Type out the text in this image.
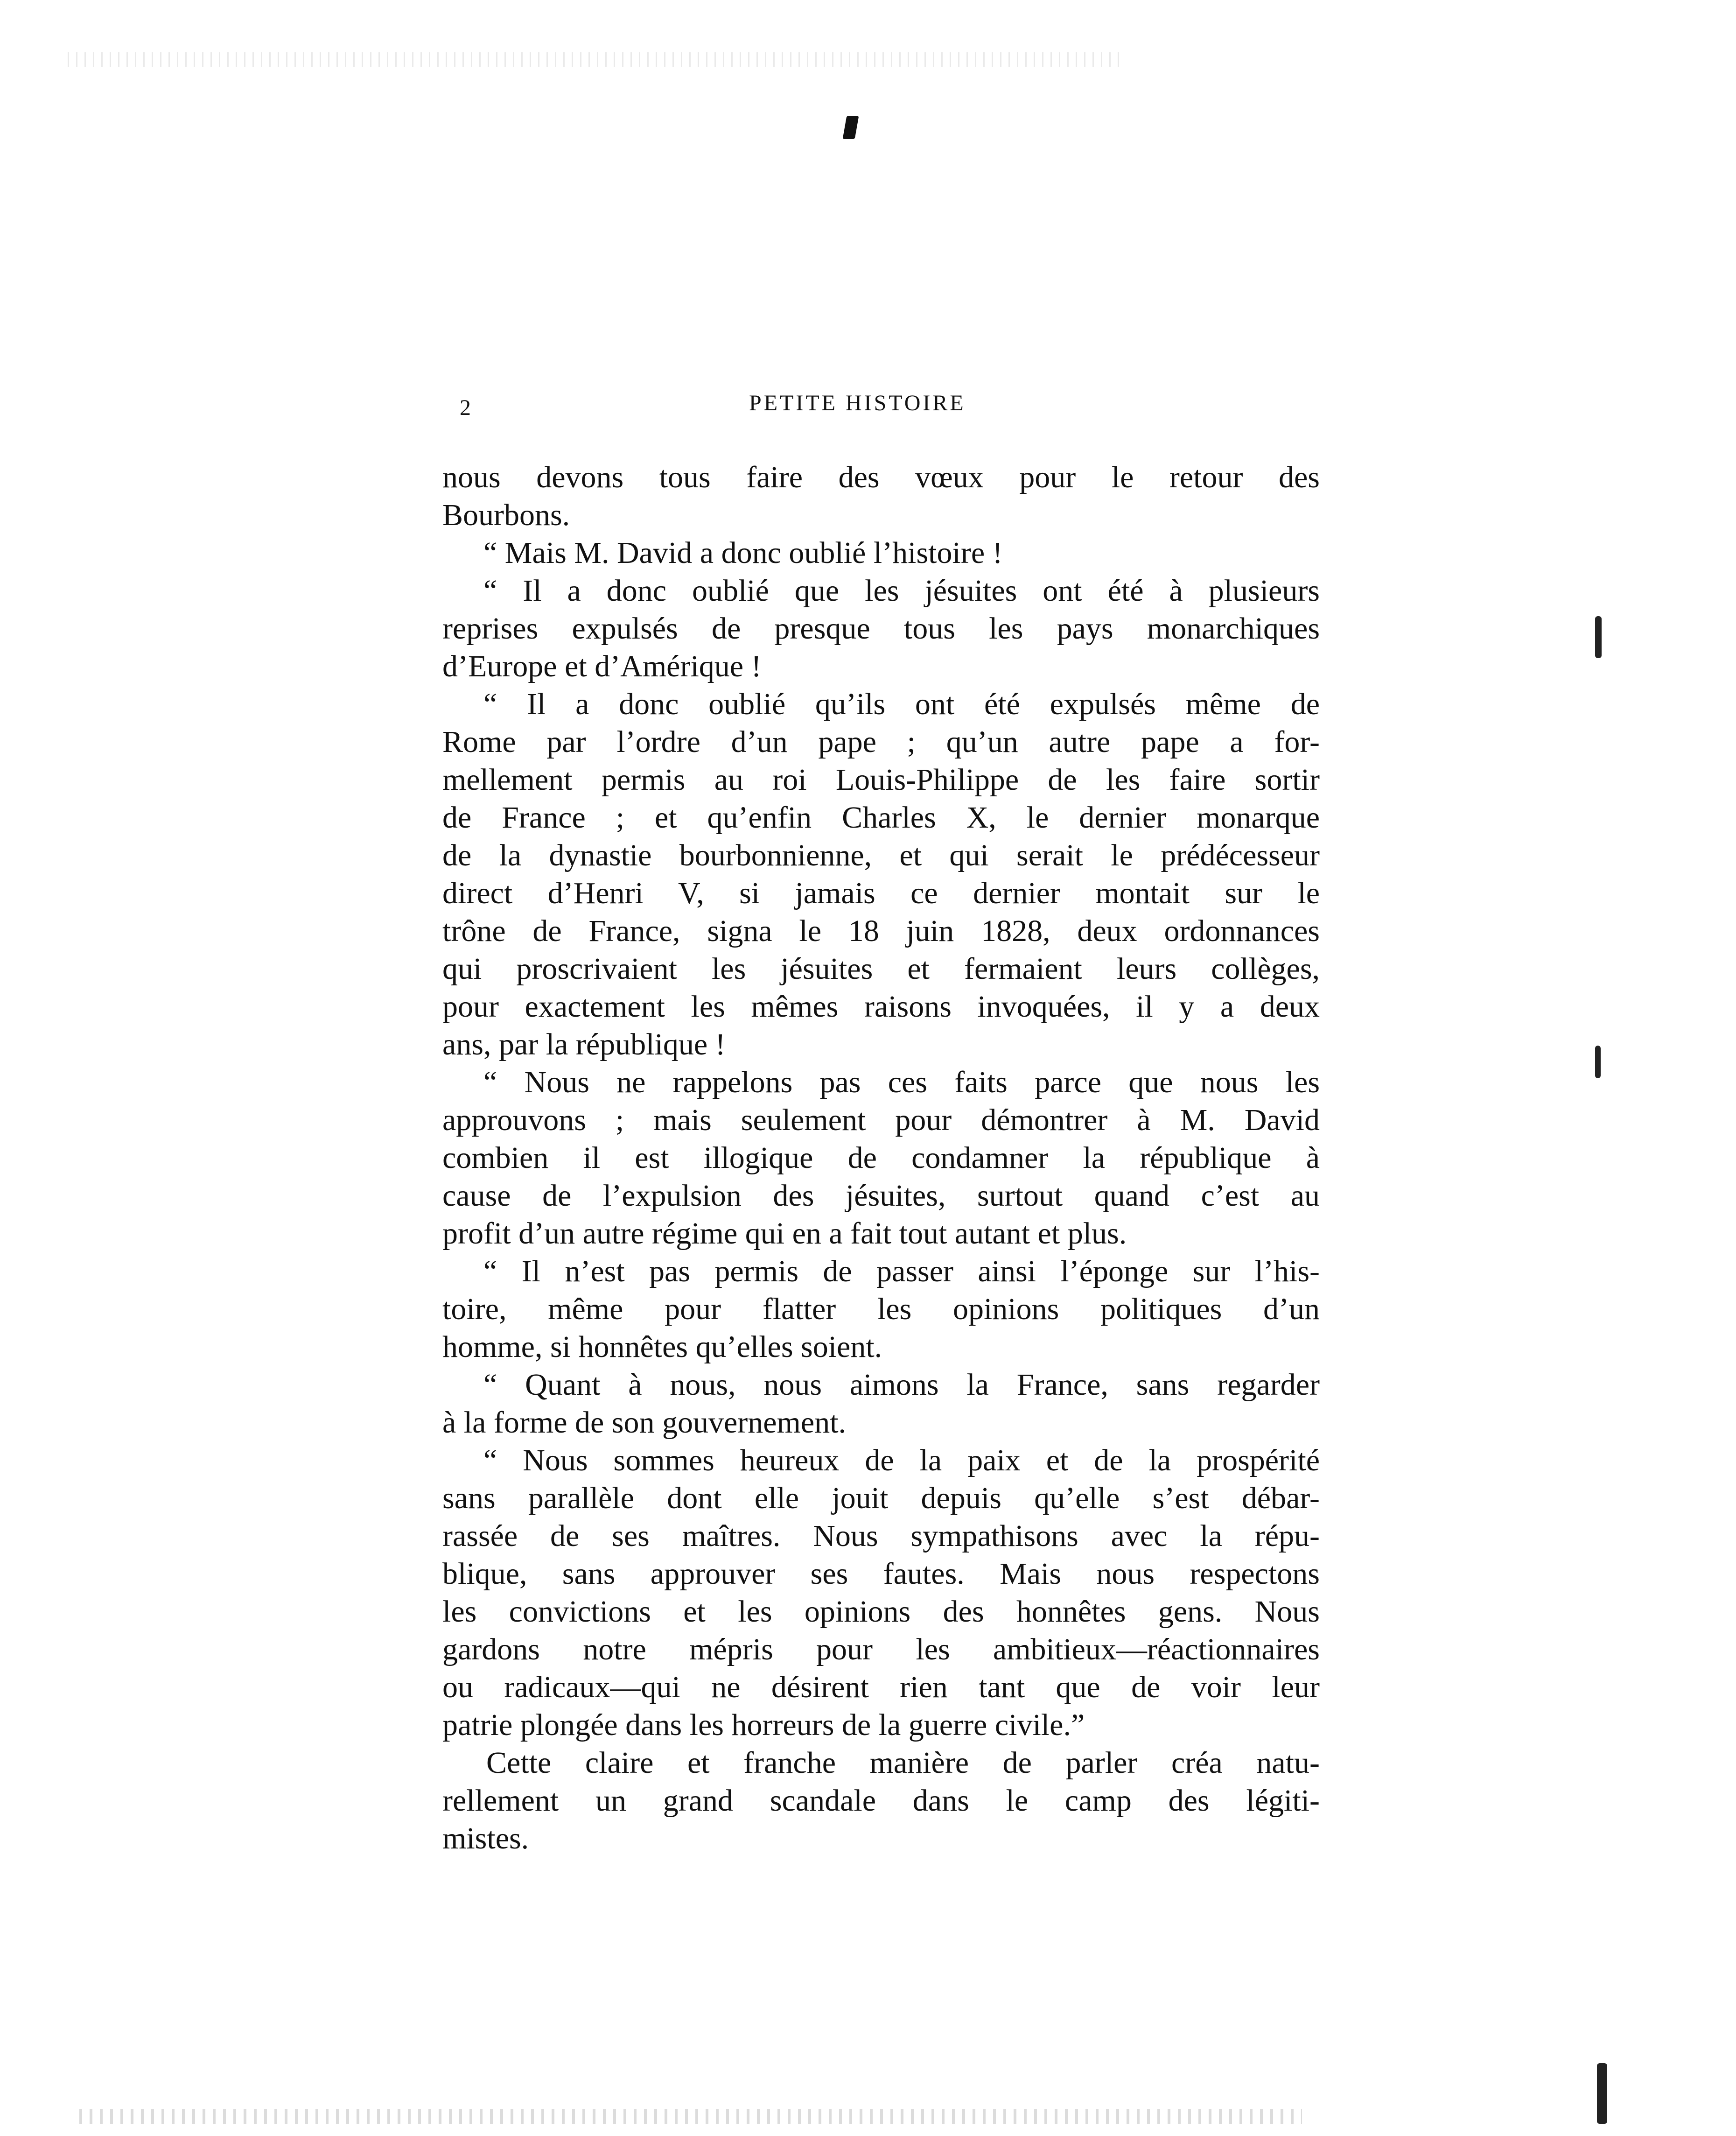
2	PETITE HISTOIRE
nous devons tous faire des vœux pour le retour des
Bourbons.
“ Mais M. David a donc oublié l’histoire !
“ Il a donc oublié que les jésuites ont été à plusieurs
reprises expulsés de presque tous les pays monarchiques
d’Europe et d’Amérique !
“ Il a donc oublié qu’ils ont été expulsés même de
Rome par l’ordre d’un pape ; qu’un autre pape a for-
mellement permis au roi Louis-Philippe de les faire sortir
de France ; et qu’enfin Charles X, le dernier monarque
de la dynastie bourbonnienne, et qui serait le prédécesseur
direct d’Henri V, si jamais ce dernier montait sur le
trône de France, signa le 18 juin 1828, deux ordonnances
qui proscrivaient les jésuites et fermaient leurs collèges,
pour exactement les mêmes raisons invoquées, il y a deux
ans, par la république !
“ Nous ne rappelons pas ces faits parce que nous les
approuvons ; mais seulement pour démontrer à M. David
combien il est illogique de condamner la république à
cause de l’expulsion des jésuites, surtout quand c’est au
profit d’un autre régime qui en a fait tout autant et plus.
“ Il n’est pas permis de passer ainsi l’éponge sur l’his-
toire, même pour flatter les opinions politiques d’un
homme, si honnêtes qu’elles soient.
“ Quant à nous, nous aimons la France, sans regarder
à la forme de son gouvernement.
“ Nous sommes heureux de la paix et de la prospérité
sans parallèle dont elle jouit depuis qu’elle s’est débar-
rassée de ses maîtres. Nous sympathisons avec la répu-
blique, sans approuver ses fautes. Mais nous respectons
les convictions et les opinions des honnêtes gens. Nous
gardons notre mépris pour les ambitieux—réactionnaires
ou radicaux—qui ne désirent rien tant que de voir leur
patrie plongée dans les horreurs de la guerre civile.”
Cette claire et franche manière de parler créa natu-
rellement un grand scandale dans le camp des légiti-
mistes.
